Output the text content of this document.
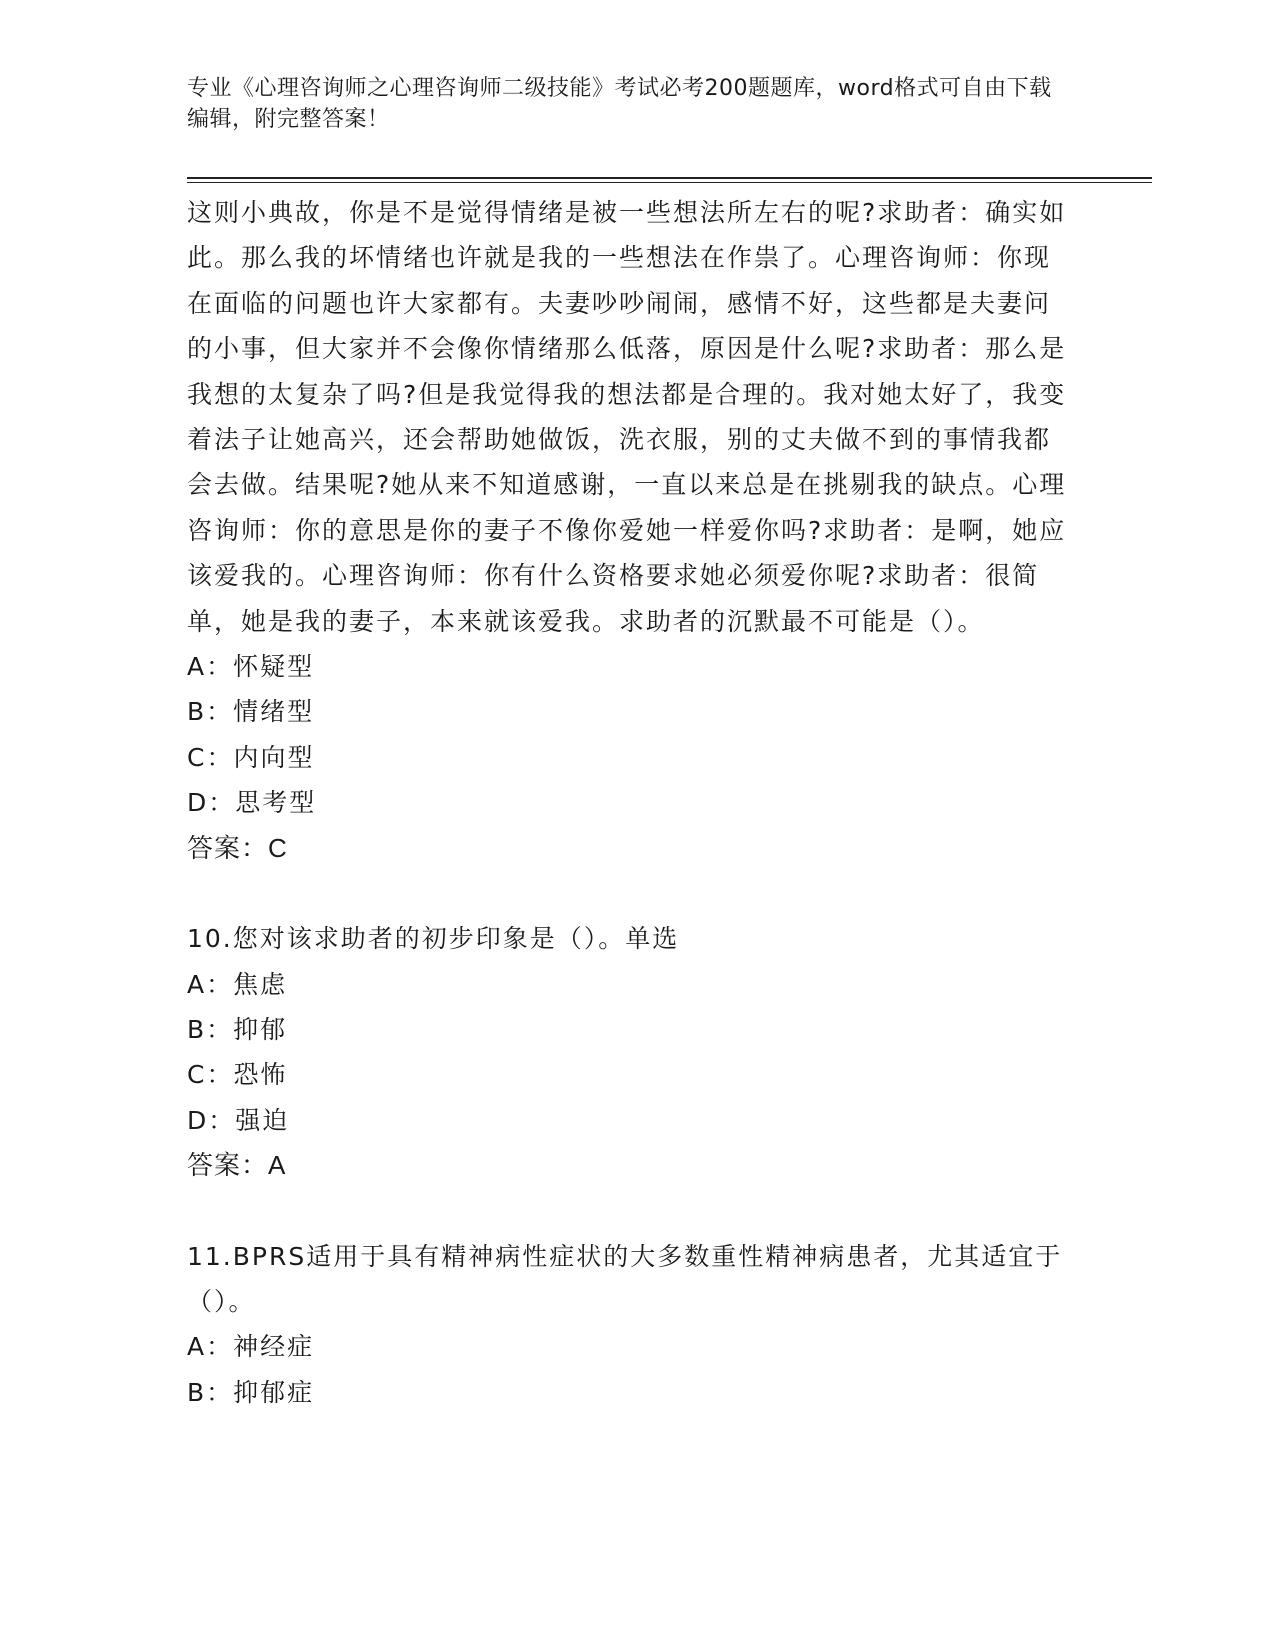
专业《心理咨询师之心理咨询师二级技能》考试必考200题题库，word格式可自由下载编辑，附完整答案！

这则小典故，你是不是觉得情绪是被一些想法所左右的呢?求助者：确实如此。那么我的坏情绪也许就是我的一些想法在作祟了。心理咨询师：你现在面临的问题也许大家都有。夫妻吵吵闹闹，感情不好，这些都是夫妻问的小事，但大家并不会像你情绪那么低落，原因是什么呢?求助者：那么是我想的太复杂了吗?但是我觉得我的想法都是合理的。我对她太好了，我变着法子让她高兴，还会帮助她做饭，洗衣服，别的丈夫做不到的事情我都会去做。结果呢?她从来不知道感谢，一直以来总是在挑剔我的缺点。心理咨询师：你的意思是你的妻子不像你爱她一样爱你吗?求助者：是啊，她应该爱我的。心理咨询师：你有什么资格要求她必须爱你呢?求助者：很简单，她是我的妻子，本来就该爱我。求助者的沉默最不可能是（）。

A：怀疑型

B：情绪型

C：内向型

D：思考型

答案：C

10.您对该求助者的初步印象是（）。单选

A：焦虑

B：抑郁

C：恐怖

D：强迫

答案：A

11.BPRS适用于具有精神病性症状的大多数重性精神病患者，尤其适宜于（）。

A：神经症

B：抑郁症
